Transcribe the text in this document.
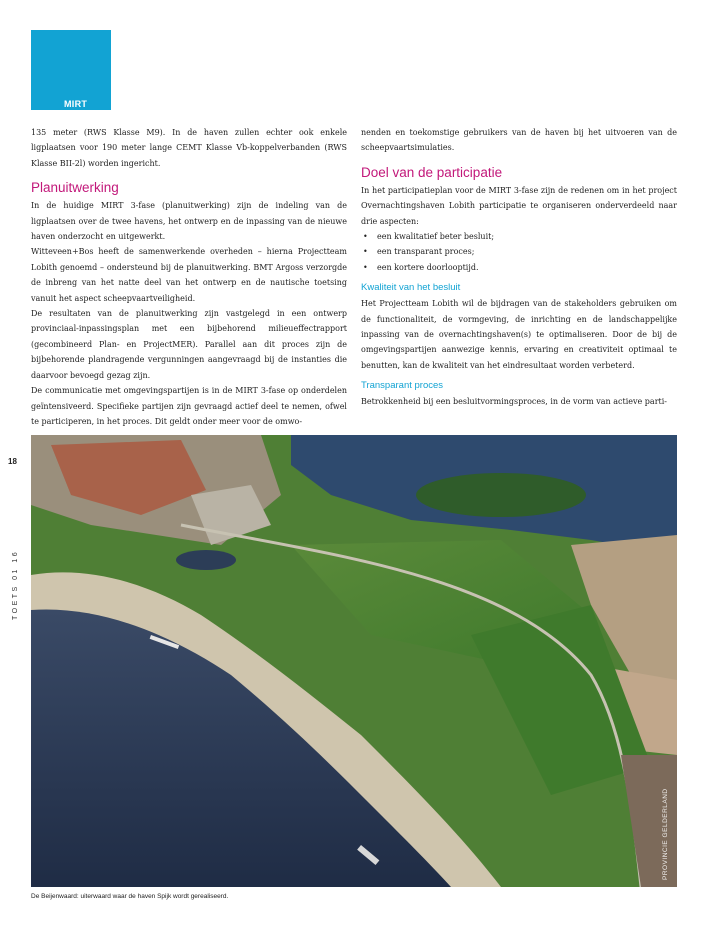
MIRT

135 meter (RWS Klasse M9). In de haven zullen echter ook enkele ligplaatsen voor 190 meter lange CEMT Klasse Vb-koppelverbanden (RWS Klasse BII-2l) worden ingericht.

Planuitwerking

In de huidige MIRT 3-fase (planuitwerking) zijn de indeling van de ligplaatsen over de twee havens, het ontwerp en de inpassing van de nieuwe haven onderzocht en uitgewerkt.

Witteveen+Bos heeft de samenwerkende overheden – hierna Projectteam Lobith genoemd – ondersteund bij de planuitwerking. BMT Argoss verzorgde de inbreng van het natte deel van het ontwerp en de nautische toetsing vanuit het aspect scheepvaartveiligheid.

De resultaten van de planuitwerking zijn vastgelegd in een ontwerp provinciaal-inpassingsplan met een bijbehorend milieueffectrapport (gecombineerd Plan- en ProjectMER). Parallel aan dit proces zijn de bijbehorende plandragende vergunningen aangevraagd bij de instanties die daarvoor bevoegd gezag zijn.

De communicatie met omgevingspartijen is in de MIRT 3-fase op onderdelen geïntensiveerd. Specifieke partijen zijn gevraagd actief deel te nemen, ofwel te participeren, in het proces. Dit geldt onder meer voor de omwo-

nenden en toekomstige gebruikers van de haven bij het uitvoeren van de scheepvaartsimulaties.

Doel van de participatie

In het participatieplan voor de MIRT 3-fase zijn de redenen om in het project Overnachtingshaven Lobith participatie te organiseren onderverdeeld naar drie aspecten:

• een kwalitatief beter besluit;
• een transparant proces;
• een kortere doorlooptijd.
Kwaliteit van het besluit

Het Projectteam Lobith wil de bijdragen van de stakeholders gebruiken om de functionaliteit, de vormgeving, de inrichting en de landschappelijke inpassing van de overnachtingshaven(s) te optimaliseren. Door de bij de omgevingspartijen aanwezige kennis, ervaring en creativiteit optimaal te benutten, kan de kwaliteit van het eindresultaat worden verbeterd.

Transparant proces

Betrokkenheid bij een besluitvormingsproces, in de vorm van actieve parti-

18
TOETS 01 16
PROVINCIE GELDERLAND
De Beijenwaard: uiterwaard waar de haven Spijk wordt gerealiseerd.
